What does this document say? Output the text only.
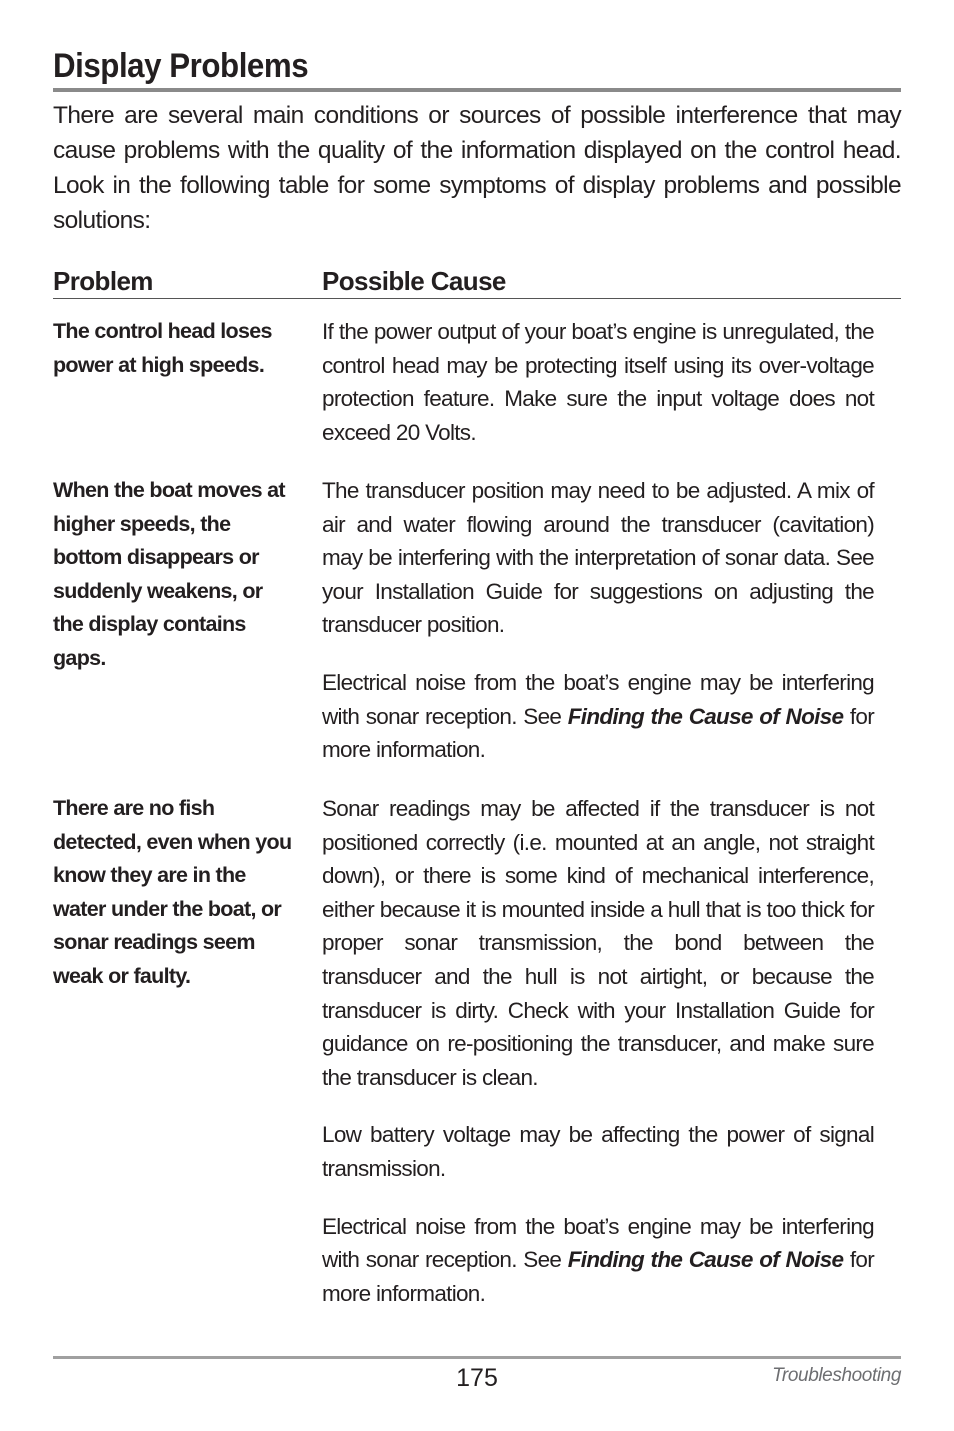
Display Problems

There are several main conditions or sources of possible interference that may cause problems with the quality of the information displayed on the control head. Look in the following table for some symptoms of display problems and possible solutions:

Problem	Possible Cause
The control head loses power at high speeds.

If the power output of your boat’s engine is unregulated, the control head may be protecting itself using its over-voltage protection feature. Make sure the input voltage does not exceed 20 Volts.

When the boat moves at higher speeds, the bottom disappears or suddenly weakens, or the display contains gaps.

The transducer position may need to be adjusted. A mix of air and water flowing around the transducer (cavitation) may be interfering with the interpretation of sonar data. See your Installation Guide for suggestions on adjusting the transducer position.

Electrical noise from the boat’s engine may be interfering with sonar reception. See Finding the Cause of Noise for more information.

There are no fish detected, even when you know they are in the water under the boat, or sonar readings seem weak or faulty.

Sonar readings may be affected if the transducer is not positioned correctly (i.e. mounted at an angle, not straight down), or there is some kind of mechanical interference, either because it is mounted inside a hull that is too thick for proper sonar transmission, the bond between the transducer and the hull is not airtight, or because the transducer is dirty. Check with your Installation Guide for guidance on re-positioning the transducer, and make sure the transducer is clean.

Low battery voltage may be affecting the power of signal transmission.

Electrical noise from the boat’s engine may be interfering with sonar reception. See Finding the Cause of Noise for more information.

175	Troubleshooting
